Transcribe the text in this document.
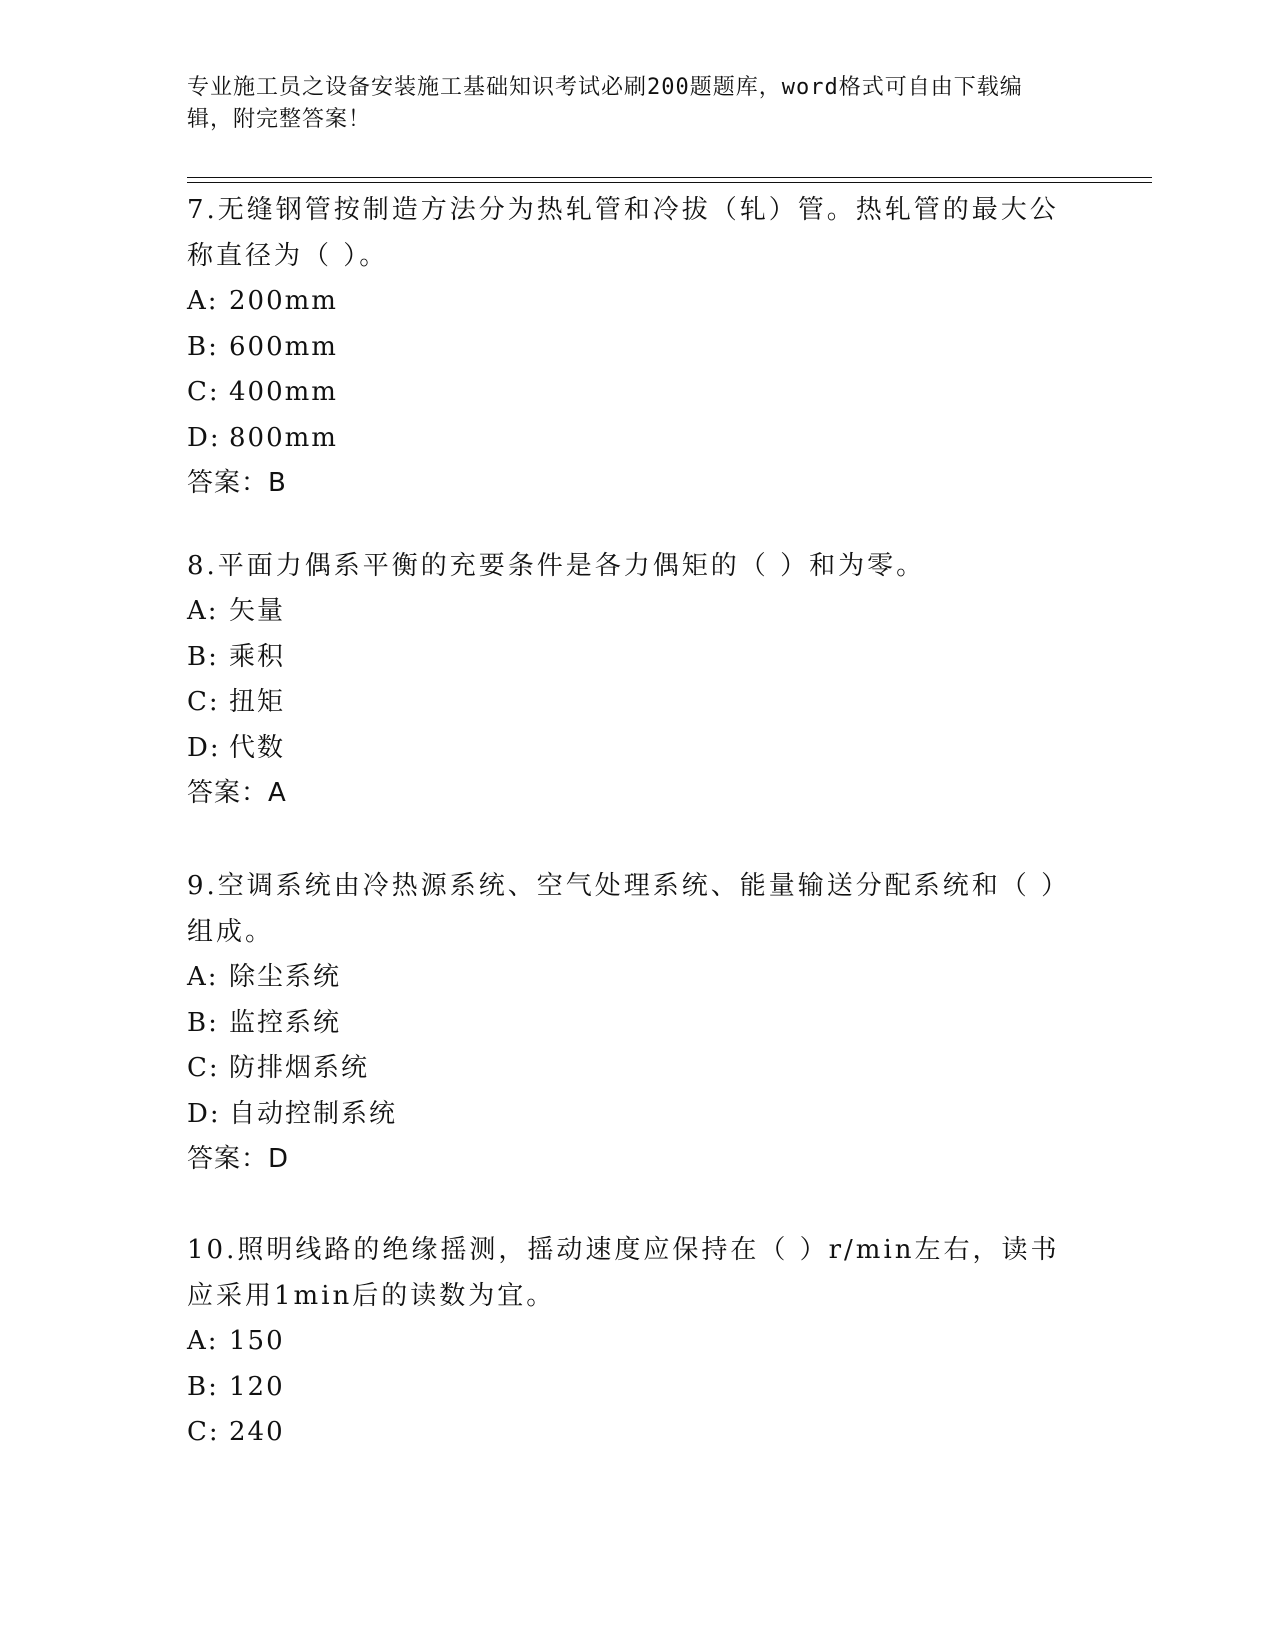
专业施工员之设备安装施工基础知识考试必刷200题题库，word格式可自由下载编辑，附完整答案！
7.无缝钢管按制造方法分为热轧管和冷拔（轧）管。热轧管的最大公称直径为（ ）。
A: 200mm
B: 600mm
C: 400mm
D: 800mm
答案：B
8.平面力偶系平衡的充要条件是各力偶矩的（ ）和为零。
A: 矢量
B: 乘积
C: 扭矩
D: 代数
答案：A
9.空调系统由冷热源系统、空气处理系统、能量输送分配系统和（ ）组成。
A: 除尘系统
B: 监控系统
C: 防排烟系统
D: 自动控制系统
答案：D
10.照明线路的绝缘摇测，摇动速度应保持在（ ）r/min左右，读书应采用1min后的读数为宜。
A: 150
B: 120
C: 240
